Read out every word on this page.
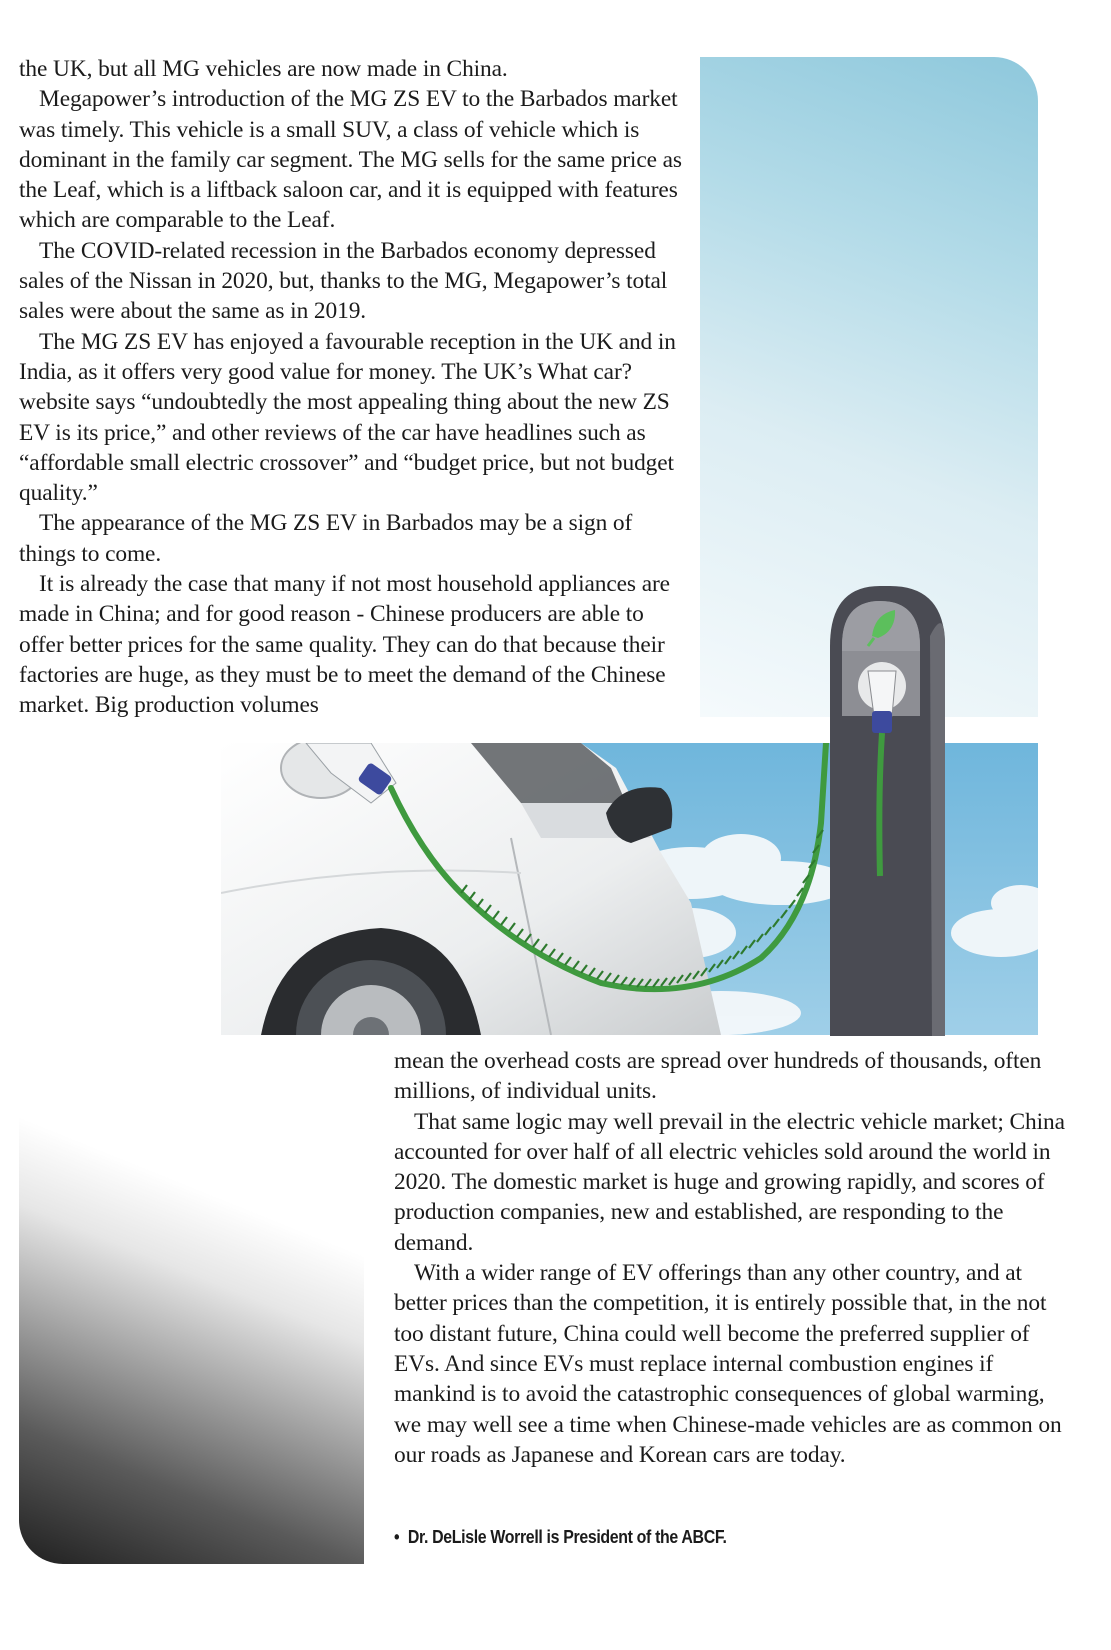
the UK, but all MG vehicles are now made in China.

Megapower’s introduction of the MG ZS EV to the Barbados market was timely. This vehicle is a small SUV, a class of vehicle which is dominant in the family car segment. The MG sells for the same price as the Leaf, which is a liftback saloon car, and it is equipped with features which are comparable to the Leaf.

The COVID-related recession in the Barbados economy depressed sales of the Nissan in 2020, but, thanks to the MG, Megapower’s total sales were about the same as in 2019.

The MG ZS EV has enjoyed a favourable reception in the UK and in India, as it offers very good value for money. The UK’s What car? website says “undoubtedly the most appealing thing about the new ZS EV is its price,” and other reviews of the car have headlines such as “affordable small electric crossover” and “budget price, but not budget quality.”

The appearance of the MG ZS EV in Barbados may be a sign of things to come.

It is already the case that many if not most household appliances are made in China; and for good reason - Chinese producers are able to offer better prices for the same quality. They can do that because their factories are huge, as they must be to meet the demand of the Chinese market. Big production volumes

mean the overhead costs are spread over hundreds of thousands, often millions, of individual units.

That same logic may well prevail in the electric vehicle market; China accounted for over half of all electric vehicles sold around the world in 2020. The domestic market is huge and growing rapidly, and scores of production companies, new and established, are responding to the demand.

With a wider range of EV offerings than any other country, and at better prices than the competition, it is entirely possible that, in the not too distant future, China could well become the preferred supplier of EVs. And since EVs must replace internal combustion engines if mankind is to avoid the catastrophic consequences of global warming, we may well see a time when Chinese-made vehicles are as common on our roads as Japanese and Korean cars are today.

• Dr. DeLisle Worrell is President of the ABCF.
